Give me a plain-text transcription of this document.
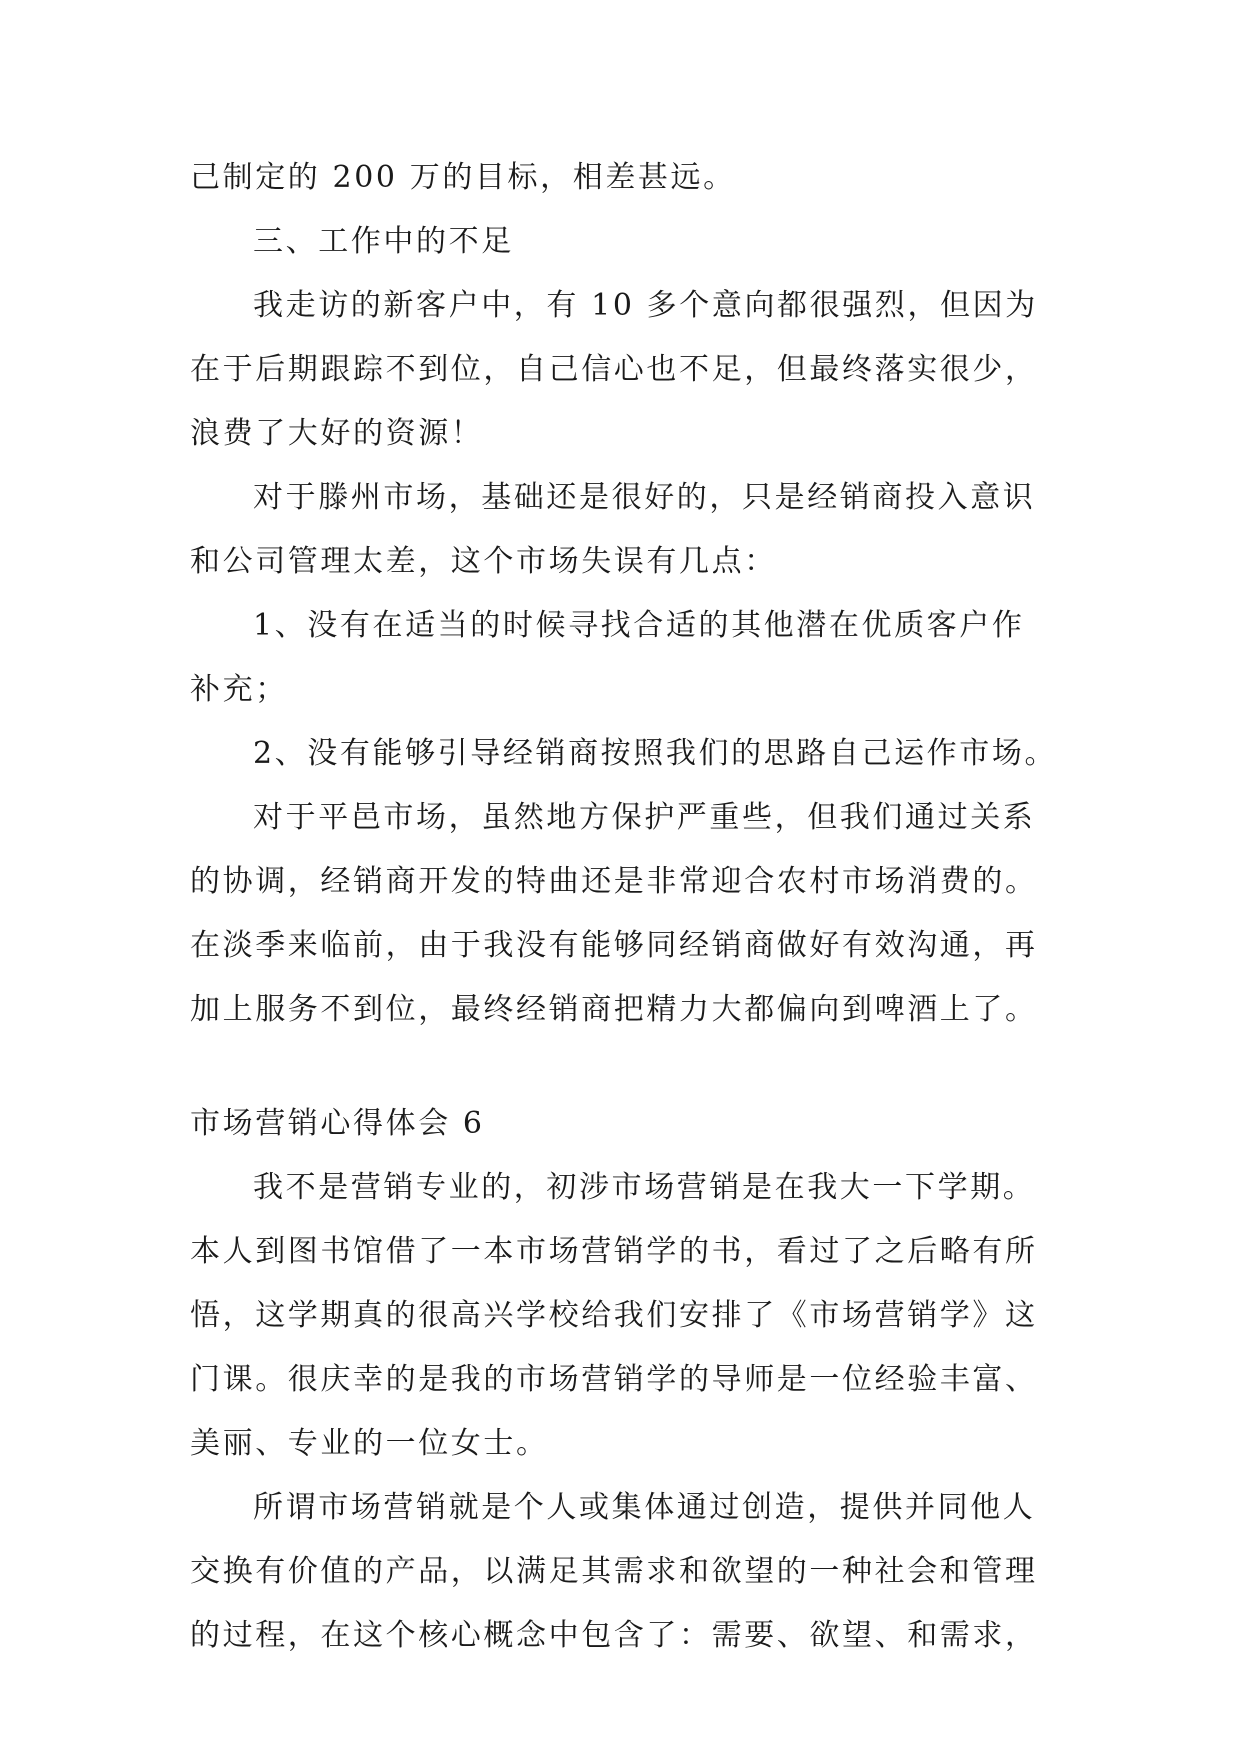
己制定的 200 万的目标，相差甚远。
三、工作中的不足
我走访的新客户中，有 10 多个意向都很强烈，但因为
在于后期跟踪不到位，自己信心也不足，但最终落实很少，
浪费了大好的资源！
对于滕州市场，基础还是很好的，只是经销商投入意识
和公司管理太差，这个市场失误有几点：
1、没有在适当的时候寻找合适的其他潜在优质客户作
补充；
2、没有能够引导经销商按照我们的思路自己运作市场。
对于平邑市场，虽然地方保护严重些，但我们通过关系
的协调，经销商开发的特曲还是非常迎合农村市场消费的。
在淡季来临前，由于我没有能够同经销商做好有效沟通，再
加上服务不到位，最终经销商把精力大都偏向到啤酒上了。
市场营销心得体会 6
我不是营销专业的，初涉市场营销是在我大一下学期。
本人到图书馆借了一本市场营销学的书，看过了之后略有所
悟，这学期真的很高兴学校给我们安排了《市场营销学》这
门课。很庆幸的是我的市场营销学的导师是一位经验丰富、
美丽、专业的一位女士。
所谓市场营销就是个人或集体通过创造，提供并同他人
交换有价值的产品，以满足其需求和欲望的一种社会和管理
的过程，在这个核心概念中包含了：需要、欲望、和需求，
